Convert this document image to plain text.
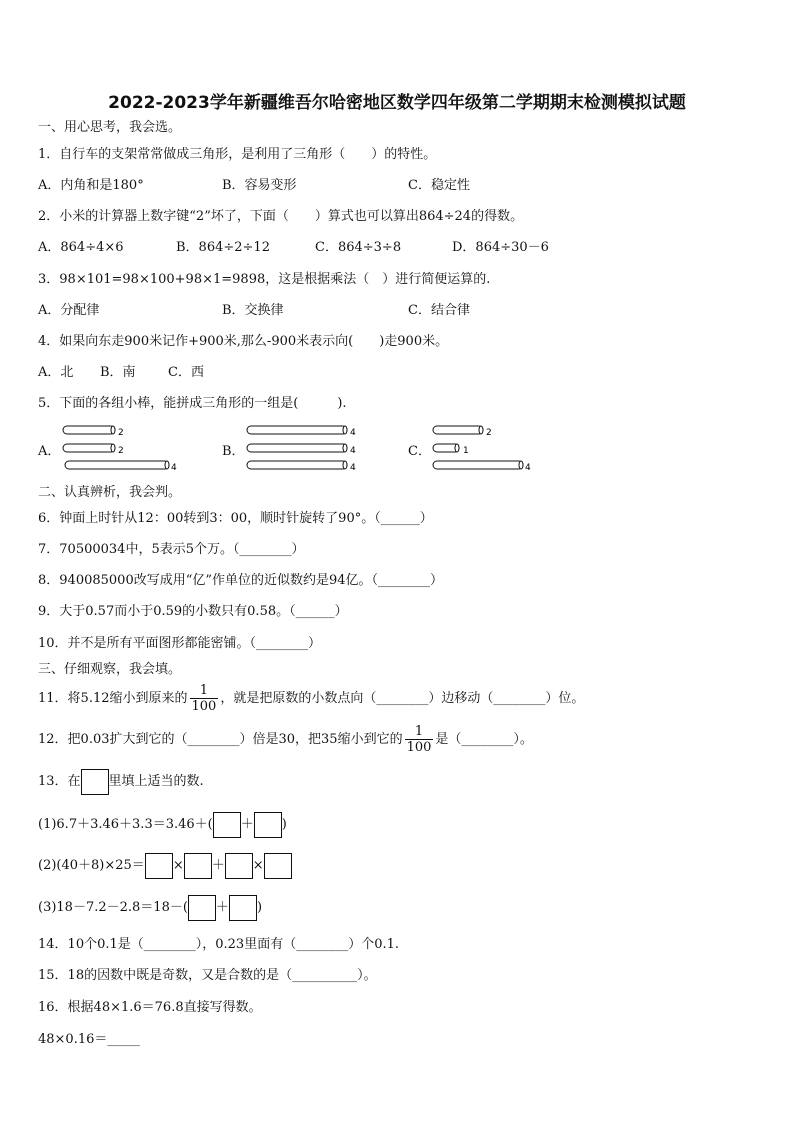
2022-2023学年新疆维吾尔哈密地区数学四年级第二学期期末检测模拟试题
一、用心思考，我会选。
1．自行车的支架常常做成三角形，是利用了三角形（　　）的特性。
A．内角和是180°	B．容易变形	C．稳定性
2．小米的计算器上数字键“2”坏了，下面（　　）算式也可以算出864÷24的得数。
A．864÷4×6	B．864÷2÷12	C．864÷3÷8	D．864÷30－6
3．98×101=98×100+98×1=9898，这是根据乘法（　）进行简便运算的.
A．分配律	B．交换律	C．结合律
4．如果向东走900米记作+900米,那么-900米表示向(　　)走900米。
A．北 B．南 C．西
5．下面的各组小棒，能拼成三角形的一组是(　　　).
A．	B．	C．
2
2
4
4
4
4
2
1
4
二、认真辨析，我会判。
6．钟面上时针从12：00转到3：00，顺时针旋转了90°。（______）
7．70500034中，5表示5个万。（________）
8．940085000改写成用“亿”作单位的近似数约是94亿。（________）
9．大于0.57而小于0.59的小数只有0.58。（______）
10．并不是所有平面图形都能密铺。（________）
三、仔细观察，我会填。
11．将5.12缩小到原来的 $\frac{1}{100}$ ，就是把原数的小数点向（________）边移动（________）位。
12．把0.03扩大到它的（________）倍是30，把35缩小到它的 $\frac{1}{100}$ 是（________）。
13．在 里填上适当的数.
(1)6.7＋3.46＋3.3＝3.46＋( ＋ )
(2)(40＋8)×25＝ × ＋ ×
(3)18－7.2－2.8＝18－( ＋ )
14．10个0.1是（________），0.23里面有（________）个0.1.
15．18的因数中既是奇数，又是合数的是（__________）。
16．根据48×1.6＝76.8直接写得数。
48×0.16＝_____
